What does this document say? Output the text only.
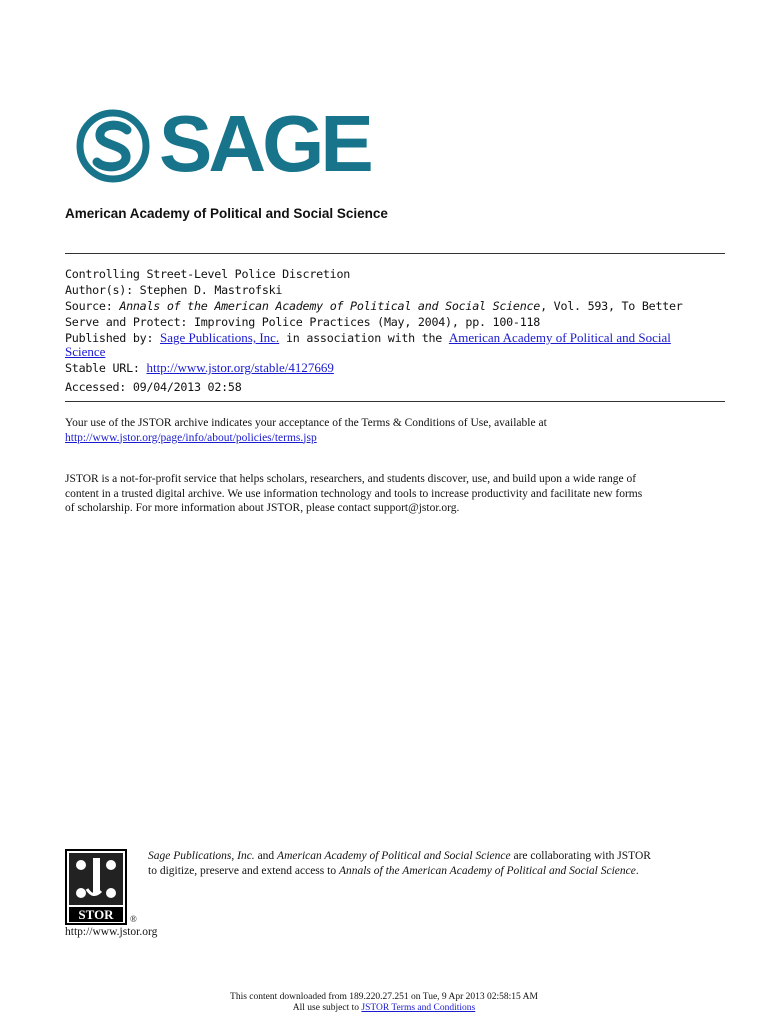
SAGE
American Academy of Political and Social Science
Controlling Street-Level Police Discretion
Author(s): Stephen D. Mastrofski
Source: Annals of the American Academy of Political and Social Science, Vol. 593, To Better
Serve and Protect: Improving Police Practices (May, 2004), pp. 100-118
Published by: Sage Publications, Inc. in association with the American Academy of Political and Social
Science
Stable URL: http://www.jstor.org/stable/4127669
Accessed: 09/04/2013 02:58
Your use of the JSTOR archive indicates your acceptance of the Terms & Conditions of Use, available at
http://www.jstor.org/page/info/about/policies/terms.jsp
JSTOR is a not-for-profit service that helps scholars, researchers, and students discover, use, and build upon a wide range of
content in a trusted digital archive. We use information technology and tools to increase productivity and facilitate new forms
of scholarship. For more information about JSTOR, please contact support@jstor.org.
STOR ®
Sage Publications, Inc. and American Academy of Political and Social Science are collaborating with JSTOR
to digitize, preserve and extend access to Annals of the American Academy of Political and Social Science.
http://www.jstor.org
This content downloaded from 189.220.27.251 on Tue, 9 Apr 2013 02:58:15 AM
All use subject to JSTOR Terms and Conditions
